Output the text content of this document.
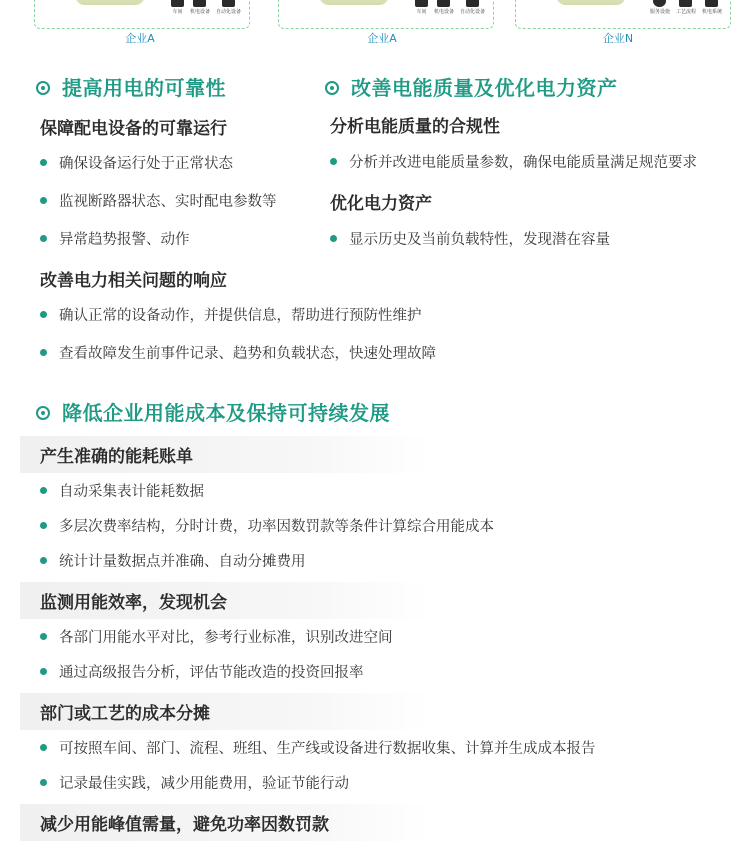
车间 机电设备 自动化设备
企业A
车间 机电设备 自动化设备
企业A
服务设施 工艺流程 机电系统
企业N
提高用电的可靠性
保障配电设备的可靠运行
确保设备运行处于正常状态
监视断路器状态、实时配电参数等
异常趋势报警、动作
改善电力相关问题的响应
确认正常的设备动作，并提供信息，帮助进行预防性维护
查看故障发生前事件记录、趋势和负载状态，快速处理故障
改善电能质量及优化电力资产
分析电能质量的合规性
分析并改进电能质量参数，确保电能质量满足规范要求
优化电力资产
显示历史及当前负载特性，发现潜在容量
降低企业用能成本及保持可持续发展
产生准确的能耗账单
自动采集表计能耗数据
多层次费率结构，分时计费，功率因数罚款等条件计算综合用能成本
统计计量数据点并准确、自动分摊费用
监测用能效率，发现机会
各部门用能水平对比，参考行业标准，识别改进空间
通过高级报告分析，评估节能改造的投资回报率
部门或工艺的成本分摊
可按照车间、部门、流程、班组、生产线或设备进行数据收集、计算并生成成本报告
记录最佳实践，减少用能费用，验证节能行动
减少用能峰值需量，避免功率因数罚款
